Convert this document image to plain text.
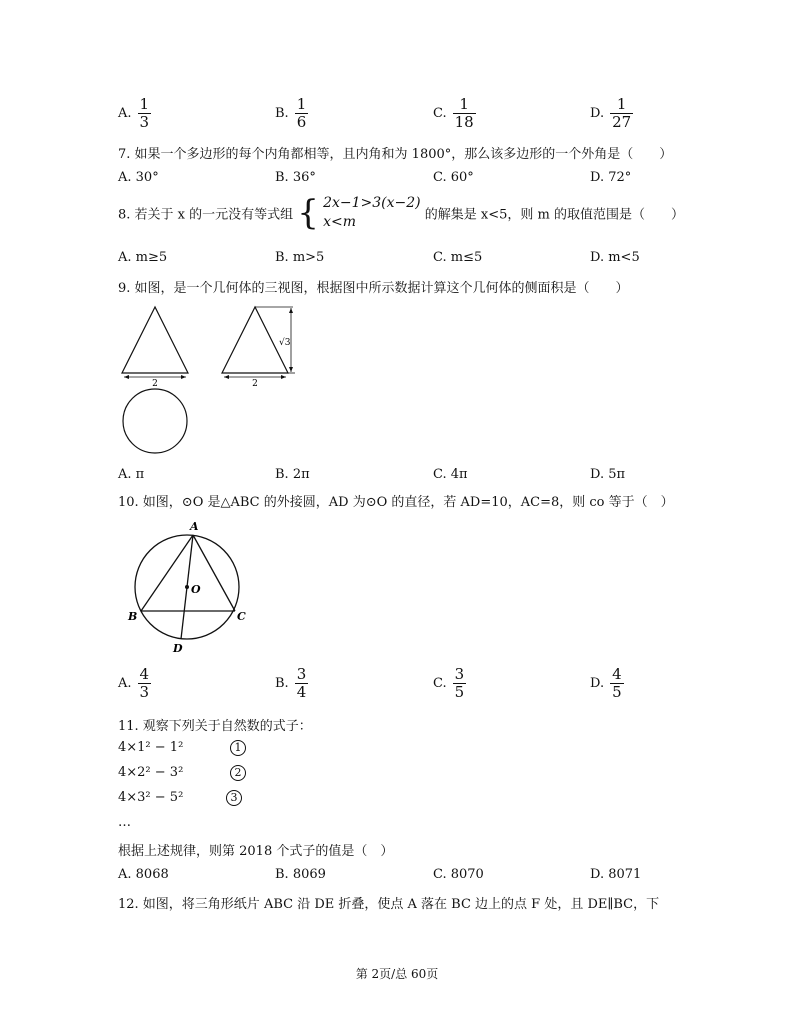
A. $\frac{1}{3}$	B. $\frac{1}{6}$	C. $\frac{1}{18}$	D. $\frac{1}{27}$
7. 如果一个多边形的每个内角都相等，且内角和为 1800°，那么该多边形的一个外角是（　　）
A. 30°	B. 36°	C. 60°	D. 72°
8. 若关于 x 的一元没有等式组 { 2x−1>3(x−2)
x<m	的解集是 x<5，则 m 的取值范围是（　　）
A. m≥5	B. m>5	C. m≤5	D. m<5
9. 如图，是一个几何体的三视图，根据图中所示数据计算这个几何体的侧面积是（　　）
2	2
√3
A. π	B. 2π	C. 4π	D. 5π
10. 如图，⊙O 是△ABC 的外接圆，AD 为⊙O 的直径，若 AD=10，AC=8，则 co 等于（　）
A
B	C
D
O
A. $\frac{4}{3}$	B. $\frac{3}{4}$	C. $\frac{3}{5}$	D. $\frac{4}{5}$
11. 观察下列关于自然数的式子：
4×1² − 1²	1
4×2² − 3²	2
4×3² − 5²	3
…
根据上述规律，则第 2018 个式子的值是（　）
A. 8068	B. 8069	C. 8070	D. 8071
12. 如图，将三角形纸片 ABC 沿 DE 折叠，使点 A 落在 BC 边上的点 F 处，且 DE∥BC，下
第 2页/总 60页
